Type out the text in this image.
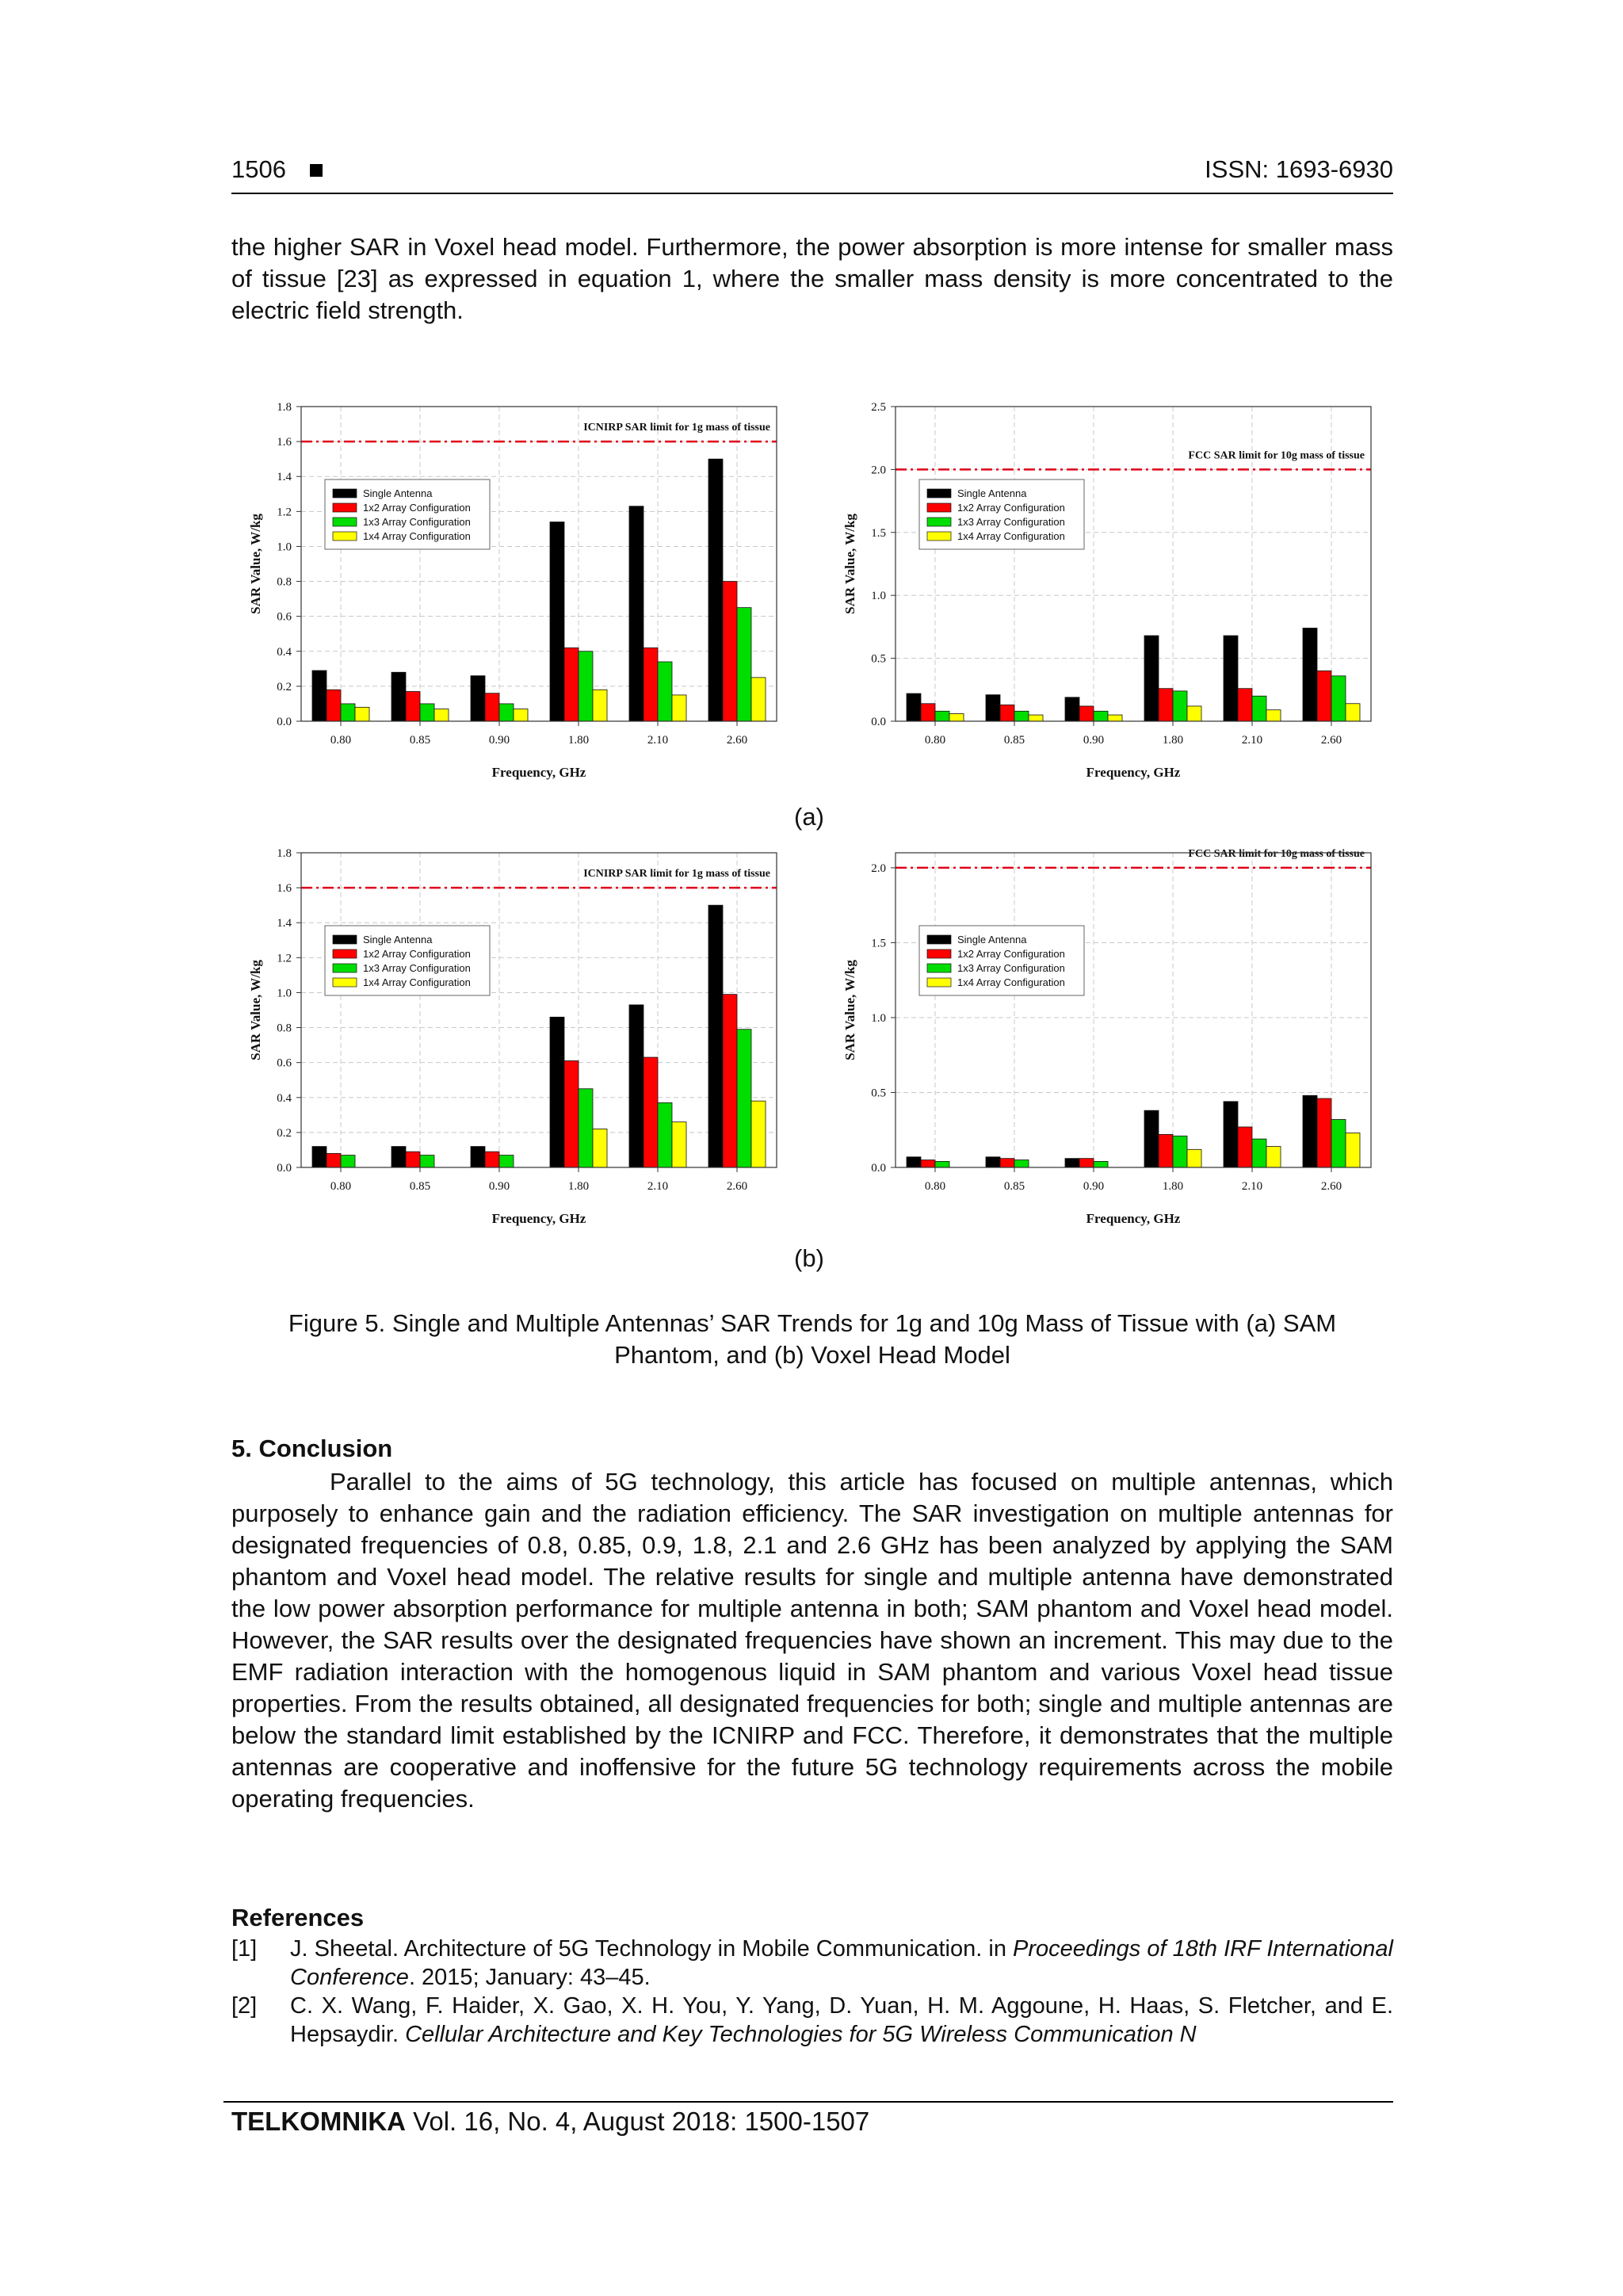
1506	ISSN: 1693-6930

the higher SAR in Voxel head model. Furthermore, the power absorption is more intense for smaller mass of tissue [23] as expressed in equation 1, where the smaller mass density is more concentrated to the electric field strength.

ICNIRP SAR limit for 1g mass of tissue
0.0
0.2
0.4
0.6
0.8
1.0
1.2
1.4
1.6
1.8
0.80	0.85	0.90	1.80	2.10	2.60
Frequency, GHz
SAR Value, W/kg
Single Antenna
1x2 Array Configuration
1x3 Array Configuration
1x4 Array Configuration
FCC SAR limit for 10g mass of tissue
0.0
0.5
1.0
1.5
2.0
2.5
0.80	0.85	0.90	1.80	2.10	2.60
Frequency, GHz
SAR Value, W/kg
Single Antenna
1x2 Array Configuration
1x3 Array Configuration
1x4 Array Configuration
(a)
ICNIRP SAR limit for 1g mass of tissue
0.0
0.2
0.4
0.6
0.8
1.0
1.2
1.4
1.6
1.8
0.80	0.85	0.90	1.80	2.10	2.60
Frequency, GHz
SAR Value, W/kg
Single Antenna
1x2 Array Configuration
1x3 Array Configuration
1x4 Array Configuration
FCC SAR limit for 10g mass of tissue
0.0
0.5
1.0
1.5
2.0
0.80	0.85	0.90	1.80	2.10	2.60
Frequency, GHz
SAR Value, W/kg
Single Antenna
1x2 Array Configuration
1x3 Array Configuration
1x4 Array Configuration
(b)
Figure 5. Single and Multiple Antennas’ SAR Trends for 1g and 10g Mass of Tissue with (a) SAM Phantom, and (b) Voxel Head Model
5. Conclusion

Parallel to the aims of 5G technology, this article has focused on multiple antennas, which purposely to enhance gain and the radiation efficiency. The SAR investigation on multiple antennas for designated frequencies of 0.8, 0.85, 0.9, 1.8, 2.1 and 2.6 GHz has been analyzed by applying the SAM phantom and Voxel head model. The relative results for single and multiple antenna have demonstrated the low power absorption performance for multiple antenna in both; SAM phantom and Voxel head model. However, the SAR results over the designated frequencies have shown an increment. This may due to the EMF radiation interaction with the homogenous liquid in SAM phantom and various Voxel head tissue properties. From the results obtained, all designated frequencies for both; single and multiple antennas are below the standard limit established by the ICNIRP and FCC. Therefore, it demonstrates that the multiple antennas are cooperative and inoffensive for the future 5G technology requirements across the mobile operating frequencies.

References
[1] J. Sheetal. Architecture of 5G Technology in Mobile Communication. in Proceedings of 18th IRF International Conference. 2015; January: 43–45.
[2] C. X. Wang, F. Haider, X. Gao, X. H. You, Y. Yang, D. Yuan, H. M. Aggoune, H. Haas, S. Fletcher, and E. Hepsaydir. Cellular Architecture and Key Technologies for 5G Wireless Communication N
TELKOMNIKA Vol. 16, No. 4, August 2018: 1500-1507
